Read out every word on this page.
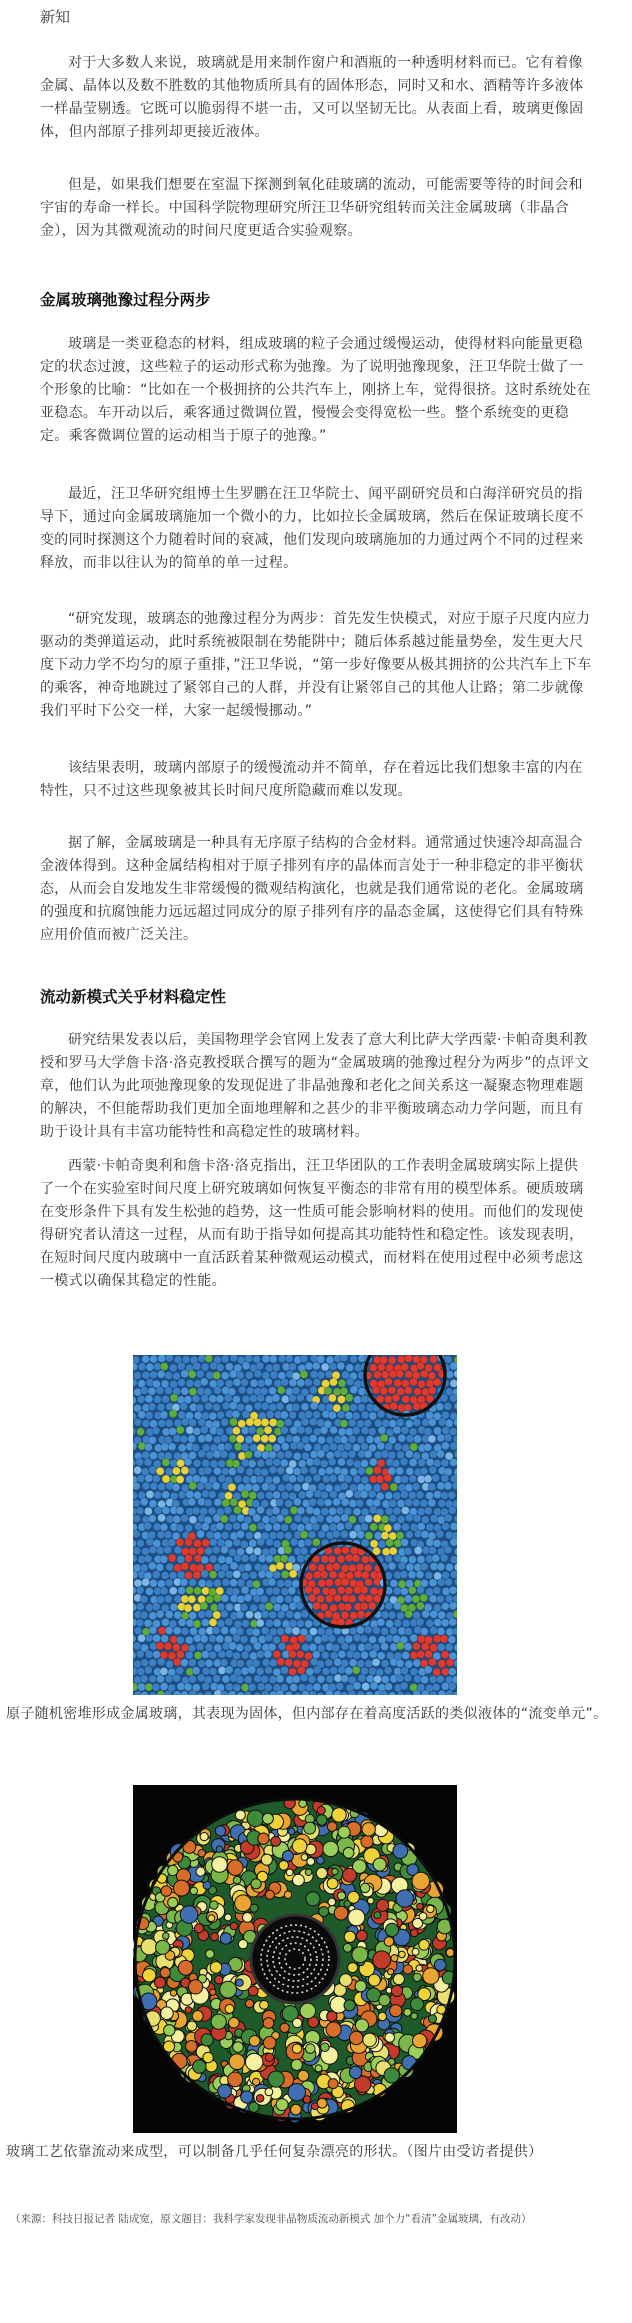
新知

对于大多数人来说，玻璃就是用来制作窗户和酒瓶的一种透明材料而已。它有着像金属、晶体以及数不胜数的其他物质所具有的固体形态，同时又和水、酒精等许多液体一样晶莹剔透。它既可以脆弱得不堪一击，又可以坚韧无比。从表面上看，玻璃更像固体，但内部原子排列却更接近液体。

但是，如果我们想要在室温下探测到氧化硅玻璃的流动，可能需要等待的时间会和宇宙的寿命一样长。中国科学院物理研究所汪卫华研究组转而关注金属玻璃（非晶合金），因为其微观流动的时间尺度更适合实验观察。

金属玻璃弛豫过程分两步

玻璃是一类亚稳态的材料，组成玻璃的粒子会通过缓慢运动，使得材料向能量更稳定的状态过渡，这些粒子的运动形式称为弛豫。为了说明弛豫现象，汪卫华院士做了一个形象的比喻：“比如在一个极拥挤的公共汽车上，刚挤上车，觉得很挤。这时系统处在亚稳态。车开动以后，乘客通过微调位置，慢慢会变得宽松一些。整个系统变的更稳定。乘客微调位置的运动相当于原子的弛豫。”

最近，汪卫华研究组博士生罗鹏在汪卫华院士、闻平副研究员和白海洋研究员的指导下，通过向金属玻璃施加一个微小的力，比如拉长金属玻璃，然后在保证玻璃长度不变的同时探测这个力随着时间的衰减，他们发现向玻璃施加的力通过两个不同的过程来释放，而非以往认为的简单的单一过程。

“研究发现，玻璃态的弛豫过程分为两步：首先发生快模式，对应于原子尺度内应力驱动的类弹道运动，此时系统被限制在势能阱中；随后体系越过能量势垒，发生更大尺度下动力学不均匀的原子重排，”汪卫华说，“第一步好像要从极其拥挤的公共汽车上下车的乘客，神奇地跳过了紧邻自己的人群，并没有让紧邻自己的其他人让路；第二步就像我们平时下公交一样，大家一起缓慢挪动。”

该结果表明，玻璃内部原子的缓慢流动并不简单，存在着远比我们想象丰富的内在特性，只不过这些现象被其长时间尺度所隐藏而难以发现。

据了解，金属玻璃是一种具有无序原子结构的合金材料。通常通过快速冷却高温合金液体得到。这种金属结构相对于原子排列有序的晶体而言处于一种非稳定的非平衡状态，从而会自发地发生非常缓慢的微观结构演化，也就是我们通常说的老化。金属玻璃的强度和抗腐蚀能力远远超过同成分的原子排列有序的晶态金属，这使得它们具有特殊应用价值而被广泛关注。

流动新模式关乎材料稳定性

研究结果发表以后，美国物理学会官网上发表了意大利比萨大学西蒙·卡帕奇奥利教授和罗马大学詹卡洛·洛克教授联合撰写的题为“金属玻璃的弛豫过程分为两步”的点评文章，他们认为此项弛豫现象的发现促进了非晶弛豫和老化之间关系这一凝聚态物理难题的解决，不但能帮助我们更加全面地理解和之甚少的非平衡玻璃态动力学问题，而且有助于设计具有丰富功能特性和高稳定性的玻璃材料。

西蒙·卡帕奇奥利和詹卡洛·洛克指出，汪卫华团队的工作表明金属玻璃实际上提供了一个在实验室时间尺度上研究玻璃如何恢复平衡态的非常有用的模型体系。硬质玻璃在变形条件下具有发生松弛的趋势，这一性质可能会影响材料的使用。而他们的发现使得研究者认清这一过程，从而有助于指导如何提高其功能特性和稳定性。该发现表明，在短时间尺度内玻璃中一直活跃着某种微观运动模式，而材料在使用过程中必须考虑这一模式以确保其稳定的性能。

原子随机密堆形成金属玻璃，其表现为固体，但内部存在着高度活跃的类似液体的“流变单元”。

玻璃工艺依靠流动来成型，可以制备几乎任何复杂漂亮的形状。（图片由受访者提供）

（来源：科技日报记者 陆成宽，原文题目：我科学家发现非晶物质流动新模式 加个力“看清”金属玻璃，有改动）
